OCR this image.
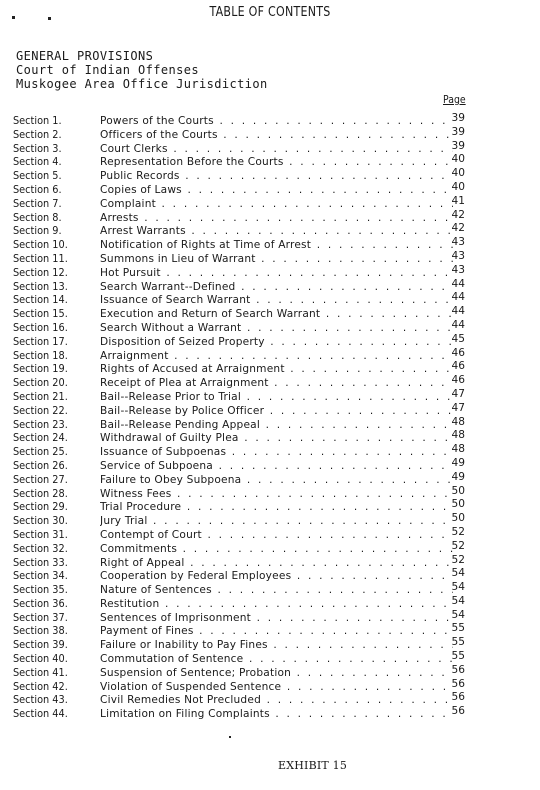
TABLE OF CONTENTS
GENERAL PROVISIONS
Court of Indian Offenses
Muskogee Area Office Jurisdiction
Page
Section 1.	Powers of the Courts . . .	39
Section 2.	Officers of the Courts . . .	39
Section 3.	Court Clerks . . .	39
Section 4.	Representation Before the Courts . . .	40
Section 5.	Public Records . . .	40
Section 6.	Copies of Laws . . .	40
Section 7.	Complaint . . .	41
Section 8.	Arrests . . .	42
Section 9.	Arrest Warrants . . .	42
Section 10.	Notification of Rights at Time of Arrest . . .	43
Section 11.	Summons in Lieu of Warrant . . .	43
Section 12.	Hot Pursuit . . .	43
Section 13.	Search Warrant--Defined . . .	44
Section 14.	Issuance of Search Warrant . . .	44
Section 15.	Execution and Return of Search Warrant . . .	44
Section 16.	Search Without a Warrant . . .	44
Section 17.	Disposition of Seized Property . . .	45
Section 18.	Arraignment . . .	46
Section 19.	Rights of Accused at Arraignment . . .	46
Section 20.	Receipt of Plea at Arraignment . . .	46
Section 21.	Bail--Release Prior to Trial . . .	47
Section 22.	Bail--Release by Police Officer . . .	47
Section 23.	Bail--Release Pending Appeal . . .	48
Section 24.	Withdrawal of Guilty Plea . . .	48
Section 25.	Issuance of Subpoenas . . .	48
Section 26.	Service of Subpoena . . .	49
Section 27.	Failure to Obey Subpoena . . .	49
Section 28.	Witness Fees . . .	50
Section 29.	Trial Procedure . . .	50
Section 30.	Jury Trial . . .	50
Section 31.	Contempt of Court . . .	52
Section 32.	Commitments . . .	52
Section 33.	Right of Appeal . . .	52
Section 34.	Cooperation by Federal Employees . . .	54
Section 35.	Nature of Sentences . . .	54
Section 36.	Restitution . . .	54
Section 37.	Sentences of Imprisonment . . .	54
Section 38.	Payment of Fines . . .	55
Section 39.	Failure or Inability to Pay Fines . . .	55
Section 40.	Commutation of Sentence . . .	55
Section 41.	Suspension of Sentence; Probation . . .	56
Section 42.	Violation of Suspended Sentence . . .	56
Section 43.	Civil Remedies Not Precluded . . .	56
Section 44.	Limitation on Filing Complaints . . .	56
EXHIBIT 15
